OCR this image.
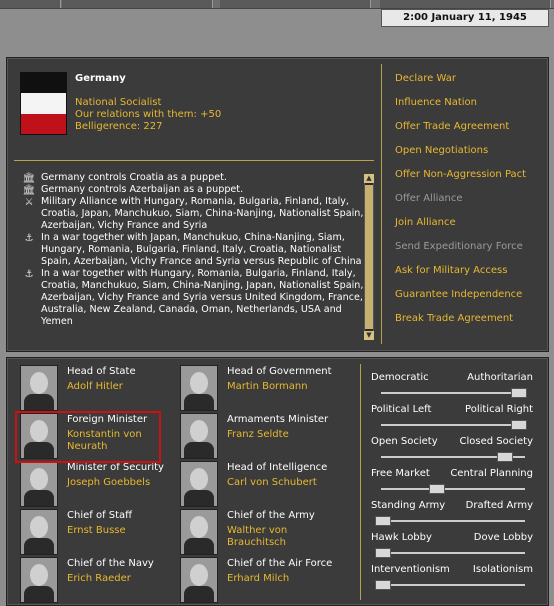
2:00 January 11, 1945
Germany
National Socialist
Our relations with them: +50
Belligerence: 227
🏛 Germany controls Croatia as a puppet.
🏛 Germany controls Azerbaijan as a puppet.
⚔ Military Alliance with Hungary, Romania, Bulgaria, Finland, Italy, Croatia, Japan, Manchukuo, Siam, China-Nanjing, Nationalist Spain, Azerbaijan, Vichy France and Syria
⚓ In a war together with Japan, Manchukuo, China-Nanjing, Siam, Hungary, Romania, Bulgaria, Finland, Italy, Croatia, Nationalist Spain, Azerbaijan, Vichy France and Syria versus Republic of China
⚓ In a war together with Hungary, Romania, Bulgaria, Finland, Italy, Croatia, Manchukuo, Siam, China-Nanjing, Japan, Nationalist Spain, Azerbaijan, Vichy France and Syria versus United Kingdom, France, Australia, New Zealand, Canada, Oman, Netherlands, USA and Yemen
▲
▼
Declare War
Influence Nation
Offer Trade Agreement
Open Negotiations
Offer Non-Aggression Pact
Offer Alliance
Join Alliance
Send Expeditionary Force
Ask for Military Access
Guarantee Independence
Break Trade Agreement
Head of State
Adolf Hitler
Head of Government
Martin Bormann
Foreign Minister
Konstantin von Neurath
Armaments Minister
Franz Seldte
Minister of Security
Joseph Goebbels
Head of Intelligence
Carl von Schubert
Chief of Staff
Ernst Busse
Chief of the Army
Walther von Brauchitsch
Chief of the Navy
Erich Raeder
Chief of the Air Force
Erhard Milch
Democratic	Authoritarian
Political Left	Political Right
Open Society Closed Society
Free Market Central Planning
Standing Army Drafted Army
Hawk Lobby	Dove Lobby
Interventionism Isolationism
